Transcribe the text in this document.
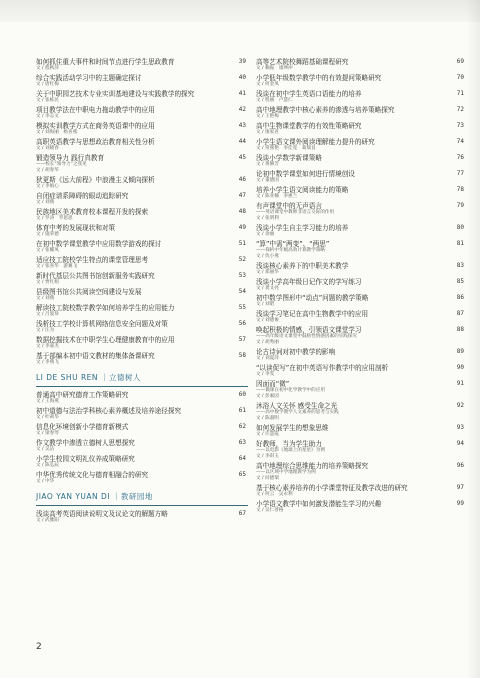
如何抓住重大事件和时间节点进行学生思政教育	39
文 / 程秋萍
综合实践活动学习中的主题确定探讨	40
文 / 唐红梅
关于中职园艺技术专业实训基地建设与实践教学的探究	41
文 / 张栋民
项目教学法在中职电力拖动教学中的应用	42
文 / 李志文
模拟实训教学方式在商务英语课中的应用	43
文 / 刘海丽　杨喜燕
高职英语教学与思想政治教育相关性分析	44
文 / 刘晓春
锻造领导力 践行真教育	45
——校长“领导力”之我见
文 / 胡春华
狄更斯《远大前程》中浪漫主义倾向探析	46
文 / 李娟心
自闭症谱系障碍的眼动追踪研究	47
文 / 刘燕
民族地区美术教育校本课程开发的探索	48
文 / 罗涛　罗思思
体育中考的发展现状和对策	49
文 / 施荣德
在初中数学课堂教学中应用数学游戏的探讨	51
文 / 张耀凤
适应技工院校学生特点的课堂管理思考	52
文 / 张喜华　游翼飞
新时代基层公共图书馆创新服务实践研究	53
文 / 贾红娟
县级图书馆公共阅读空间建设与发展	54
文 / 刘燕
解读技工院校数学教学如何培养学生的应用能力	55
文 / 吕爱珍
浅析技工学校计算机网络信息安全问题及对策	56
文 / 汪为
数据挖掘技术在中职学生心理健康教育中的应用	57
文 / 李嘉杰
基于部编本初中语文教材的集体备课研究	58
文 / 李燕飞
LI DE SHU REN ｜立德树人
普通高中研究德育工作策略研究	60
文 / 王海燕
初中道德与法治学科核心素养概述及培养途径探究	61
文 / 叶莉华
信息化环境创新小学德育新模式	62
文 / 梁春琴
作文教学中渗透立德树人思想探究	63
文 / 吴洁
小学生校园文明礼仪养成策略研究	64
文 / 陈弘辰
中华优秀传统文化与德育相融合的研究	65
文 / 中华
JIAO YAN YUAN DI ｜教研园地
浅谈高考英语阅读说明文及议论文的解题方略	67
文 / 武雅阳
高等艺术院校舞蹈基础课程研究	69
文 / 赖振　康坤冲
小学低年级数学教学中的有效提问策略研究	70
文 / 何金凤
浅谈在初中学生英语口语能力的培养	71
文 / 程丽　卢慧仁
高中地理教学中核心素养的渗透与培养策略探究	72
文 / 王艳梅
高中生物课堂教学的有效性策略研究	73
文 / 康家君
小学生语文课外阅读理解能力提升的研究	74
文 / 常燕艳　李佳宽　葛瑞良
浅谈小学数学新课策略	76
文 / 黄赫芳
论初中数学课堂如何进行情境创设	77
文 / 董德国
培养小学生语文阅读能力的策略	78
文 / 陈亚楠　李惠兰
有声课堂中的无声语言	79
——英语课堂中教师非语言交际的作用
文 / 张明利
浅谈小学生自主学习能力的培养	80
文 / 余丽
“算”中需“两变”、“两思”	81
——探析中年级高效计算教学策略
文 / 仇小燕
浅谈核心素养下的中职美术教学	83
文 / 郑丽华
浅谈小学高年级日记作文的学写练习	85
文 / 龚文亮
初中数学图形中“动点”问题的教学策略	86
文 / 刘昭
浅谈学习笔记在高中生物教学中的应用	87
文 / 刘德俊
唤起积极的情感，引领语文课堂学习	88
——高年级语文课堂中鼓励性情感因素的实践探究
文 / 胡秀丽
论古诗词对初中教学的影响	89
文 / 刘夏萍
“以读促写”在初中英语写作教学中的应用剖析	90
文 / 李雯
因面而“微”	91
——微课在初中化学教学中的应用
文 / 彭素园
沐浴人文关怀 感受生命之光	92
——高中数学教学人文素养的思考与实践
文 / 陈淑明
如何发展学生的想象思维	93
文 / 许慧霞
好教师，当为学生助力	94
——以电影《地球上的星星》为例
文 / 李彩玉
高中地理综合思维能力的培养策略探究	96
——以区域中学地理教学为例
文 / 同德瑞
基于核心素养培养的小学课堂特征及教学改进的研究	97
文 / 何云　吴永利
小学语文教学中如何激发潜能生学习的兴趣	99
文 / 吴仁普格
2
